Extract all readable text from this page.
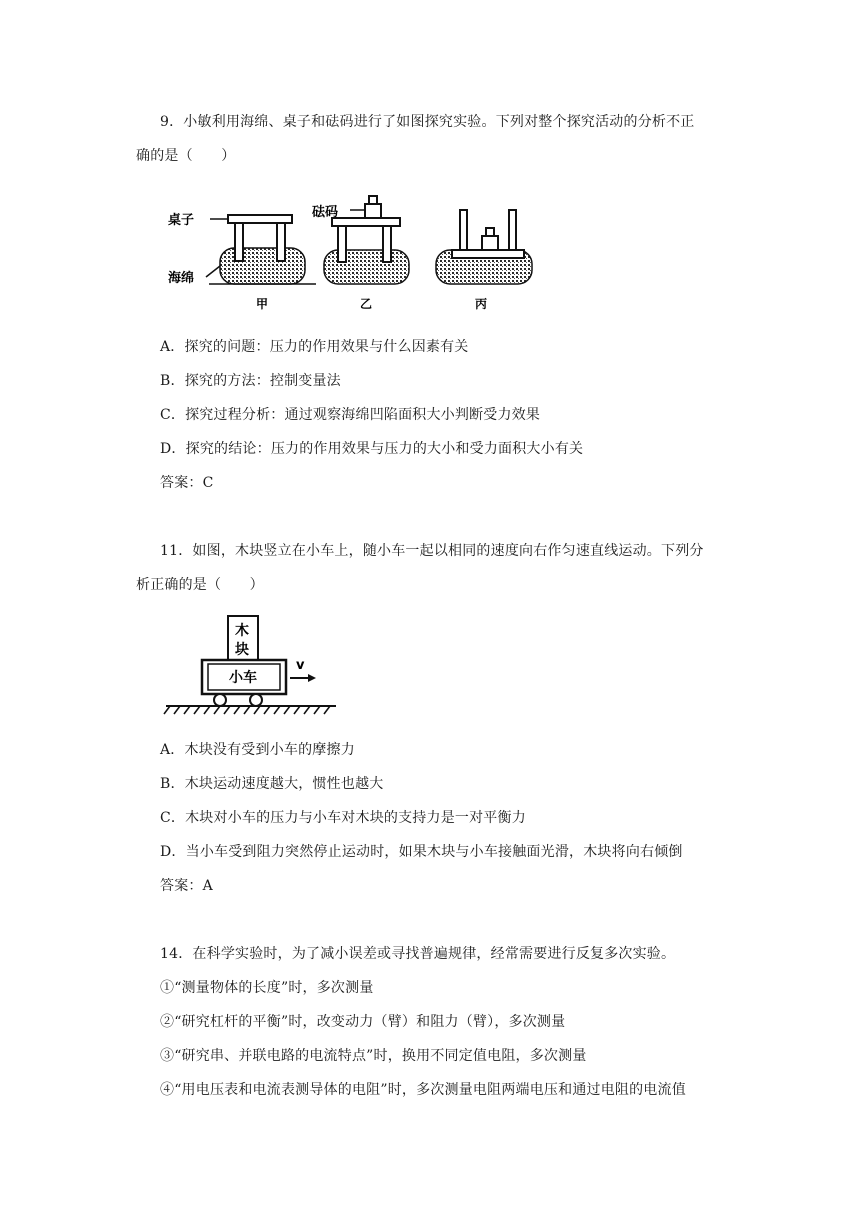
9．小敏利用海绵、桌子和砝码进行了如图探究实验。下列对整个探究活动的分析不正
确的是（　　）
桌子
砝码
海绵
甲	乙	丙
A．探究的问题：压力的作用效果与什么因素有关
B．探究的方法：控制变量法
C．探究过程分析：通过观察海绵凹陷面积大小判断受力效果
D．探究的结论：压力的作用效果与压力的大小和受力面积大小有关
答案：C
11．如图，木块竖立在小车上，随小车一起以相同的速度向右作匀速直线运动。下列分
析正确的是（　　）
木
块
小车
v
A．木块没有受到小车的摩擦力
B．木块运动速度越大，惯性也越大
C．木块对小车的压力与小车对木块的支持力是一对平衡力
D．当小车受到阻力突然停止运动时，如果木块与小车接触面光滑，木块将向右倾倒
答案：A
14．在科学实验时，为了减小误差或寻找普遍规律，经常需要进行反复多次实验。
①“测量物体的长度”时，多次测量
②“研究杠杆的平衡”时，改变动力（臂）和阻力（臂），多次测量
③“研究串、并联电路的电流特点”时，换用不同定值电阻，多次测量
④“用电压表和电流表测导体的电阻”时，多次测量电阻两端电压和通过电阻的电流值
